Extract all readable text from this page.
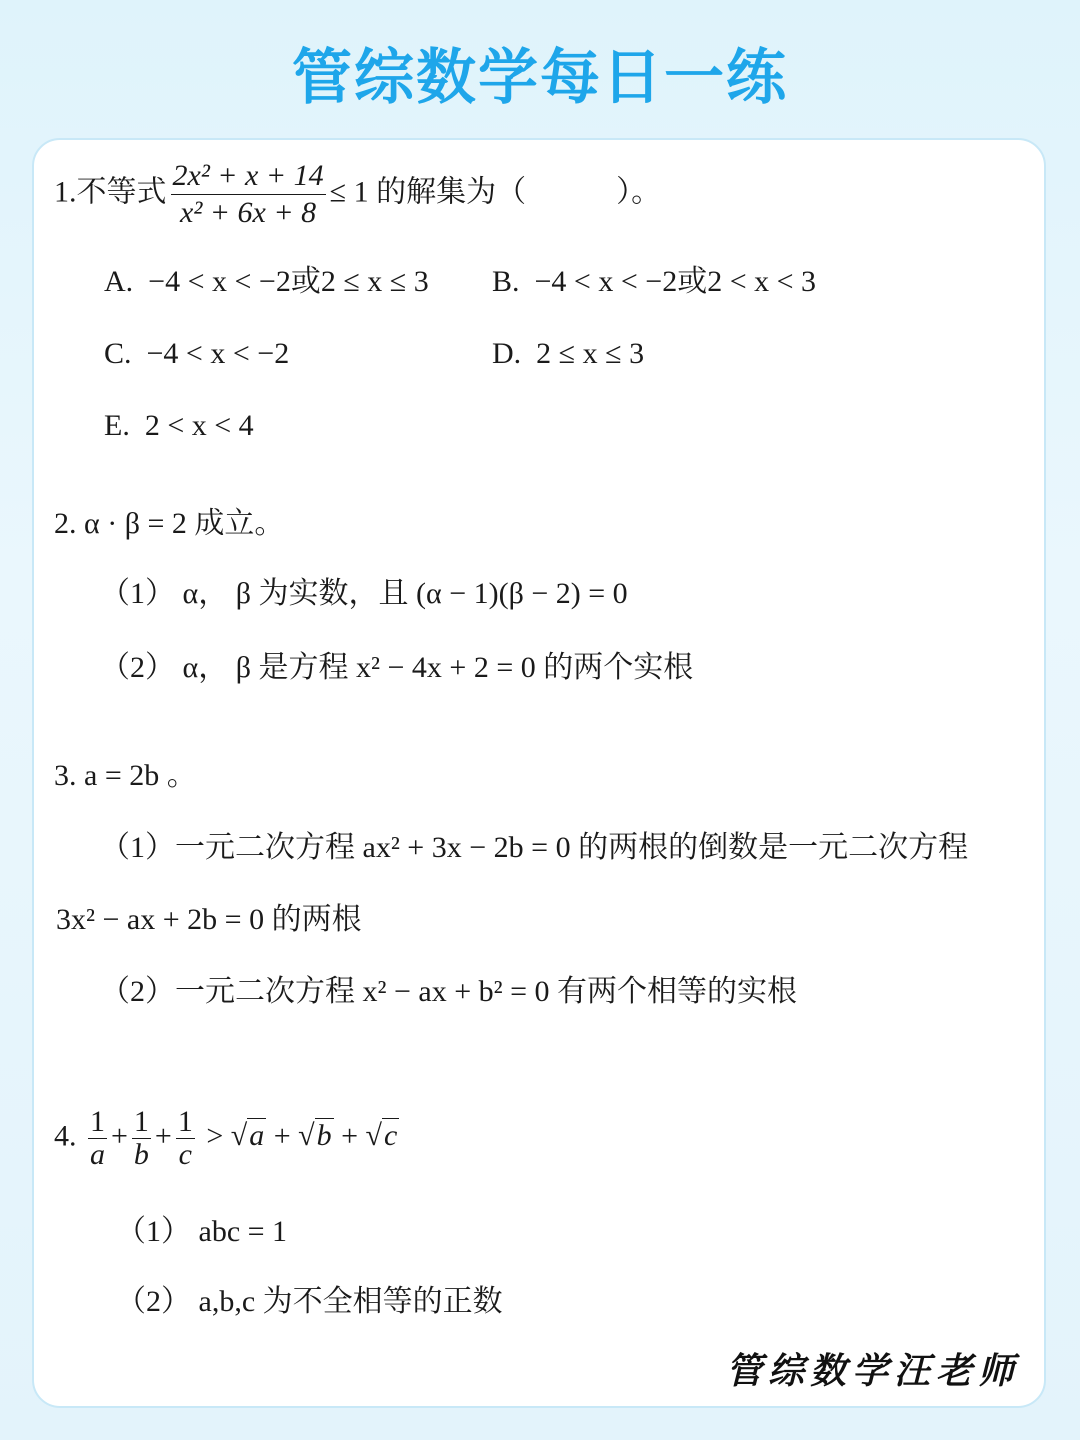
管综数学每日一练
1.不等式 $\frac{\text{2x² + x + 14}}{\text{x² + 6x + 8}} \le 1$ 的解集为（　　　）。
A. −4 < x < −2或2 ≤ x ≤ 3 B. −4 < x < −2或2 < x < 3
C. −4 < x < −2	D. 2 ≤ x ≤ 3
E. 2 < x < 4
2. α · β = 2 成立。
（1） α， β 为实数，且 (α − 1)(β − 2) = 0
（2） α， β 是方程 x² − 4x + 2 = 0 的两个实根
3. a = 2b 。
（1）一元二次方程 ax² + 3x − 2b = 0 的两根的倒数是一元二次方程
3x² − ax + 2b = 0 的两根
（2）一元二次方程 x² − ax + b² = 0 有两个相等的实根
4. $\frac{1}{a} + \frac{1}{b} + \frac{1}{c} > √a + √b + √c$
（1） abc = 1
（2） a,b,c 为不全相等的正数
管综数学汪老师
